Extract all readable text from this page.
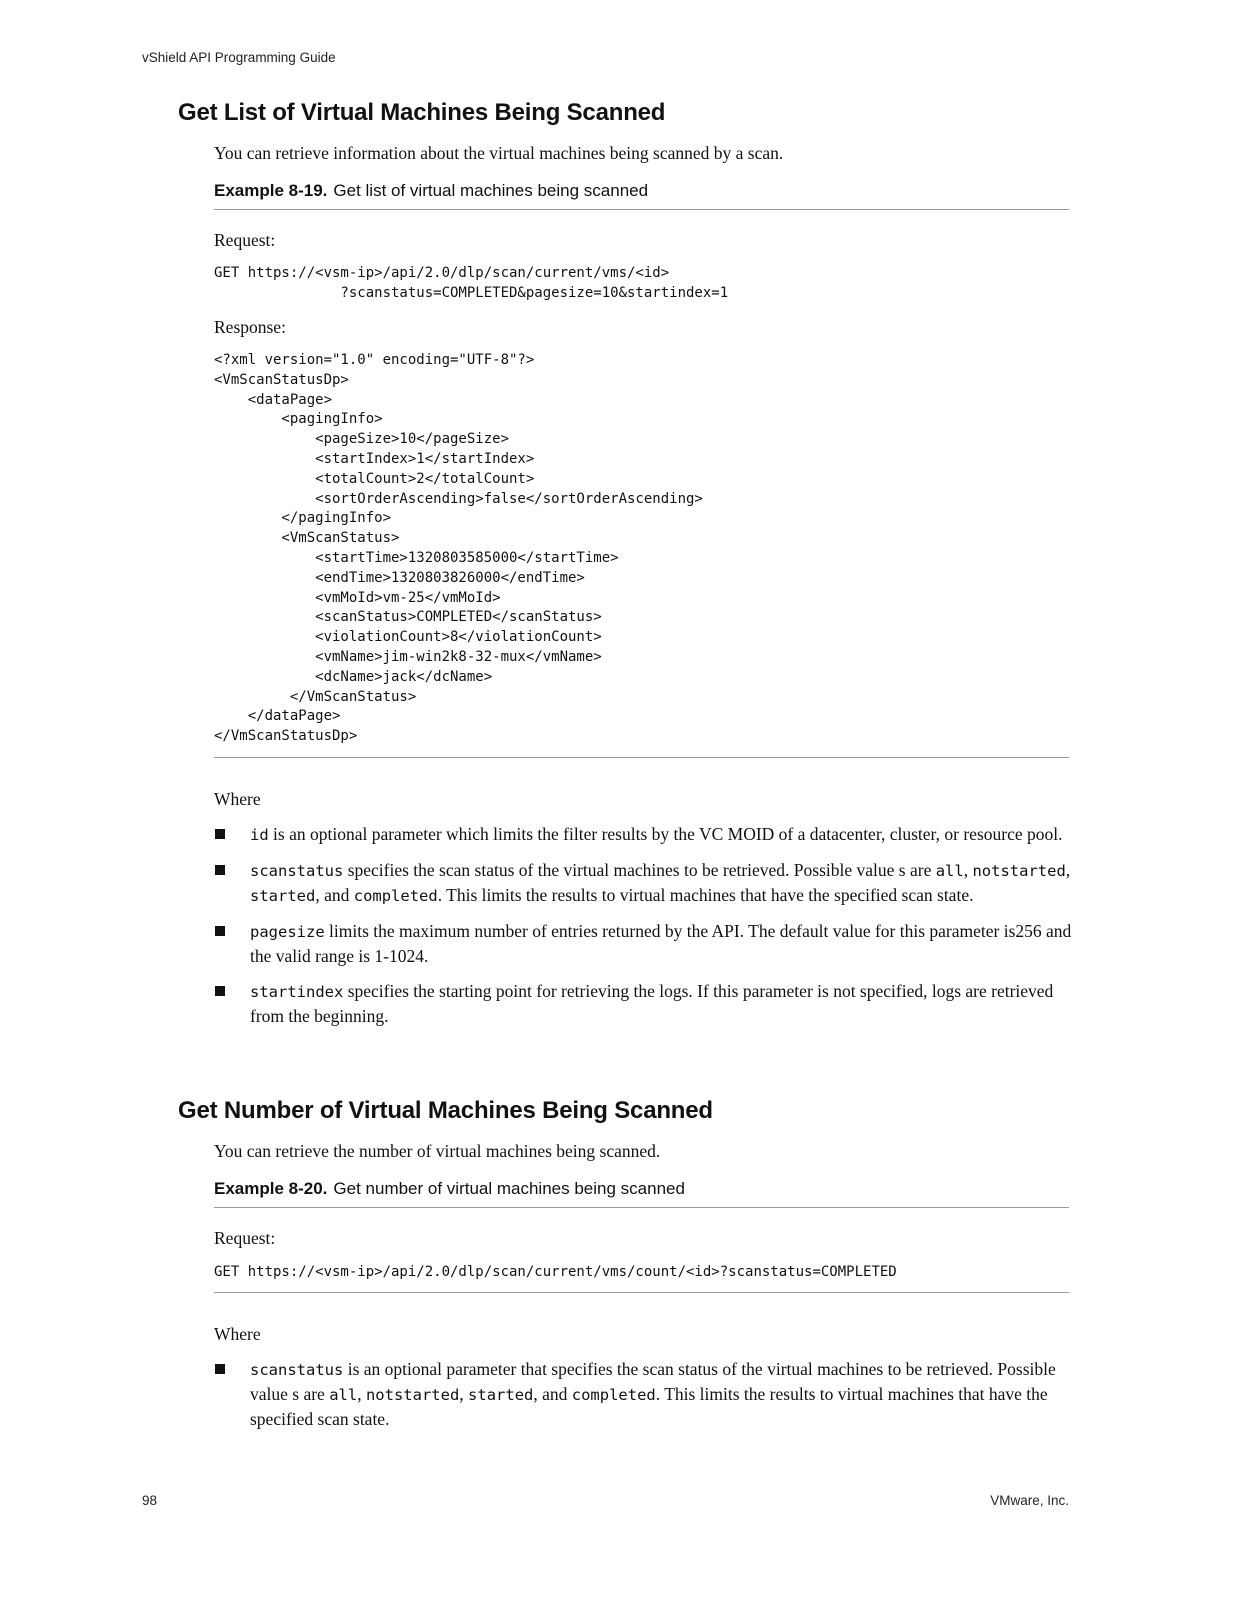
vShield API Programming Guide
Get List of Virtual Machines Being Scanned

You can retrieve information about the virtual machines being scanned by a scan.

Example 8-19. Get list of virtual machines being scanned

Request:

GET https://<vsm-ip>/api/2.0/dlp/scan/current/vms/<id>
?scanstatus=COMPLETED&pagesize=10&startindex=1

Response:

<?xml version="1.0" encoding="UTF-8"?>
<VmScanStatusDp>
<dataPage>
<pagingInfo>
<pageSize>10</pageSize>
<startIndex>1</startIndex>
<totalCount>2</totalCount>
<sortOrderAscending>false</sortOrderAscending>
</pagingInfo>
<VmScanStatus>
<startTime>1320803585000</startTime>
<endTime>1320803826000</endTime>
<vmMoId>vm-25</vmMoId>
<scanStatus>COMPLETED</scanStatus>
<violationCount>8</violationCount>
<vmName>jim-win2k8-32-mux</vmName>
<dcName>jack</dcName>
</VmScanStatus>
</dataPage>
</VmScanStatusDp>

Where

id is an optional parameter which limits the filter results by the VC MOID of a datacenter, cluster, or resource pool.
scanstatus specifies the scan status of the virtual machines to be retrieved. Possible value s are all, notstarted, started, and completed. This limits the results to virtual machines that have the specified scan state.
pagesize limits the maximum number of entries returned by the API. The default value for this parameter is256 and the valid range is 1-1024.
startindex specifies the starting point for retrieving the logs. If this parameter is not specified, logs are retrieved from the beginning.
Get Number of Virtual Machines Being Scanned

You can retrieve the number of virtual machines being scanned.

Example 8-20. Get number of virtual machines being scanned

Request:

GET https://<vsm-ip>/api/2.0/dlp/scan/current/vms/count/<id>?scanstatus=COMPLETED

Where

scanstatus is an optional parameter that specifies the scan status of the virtual machines to be retrieved. Possible value s are all, notstarted, started, and completed. This limits the results to virtual machines that have the specified scan state.
98	VMware, Inc.
